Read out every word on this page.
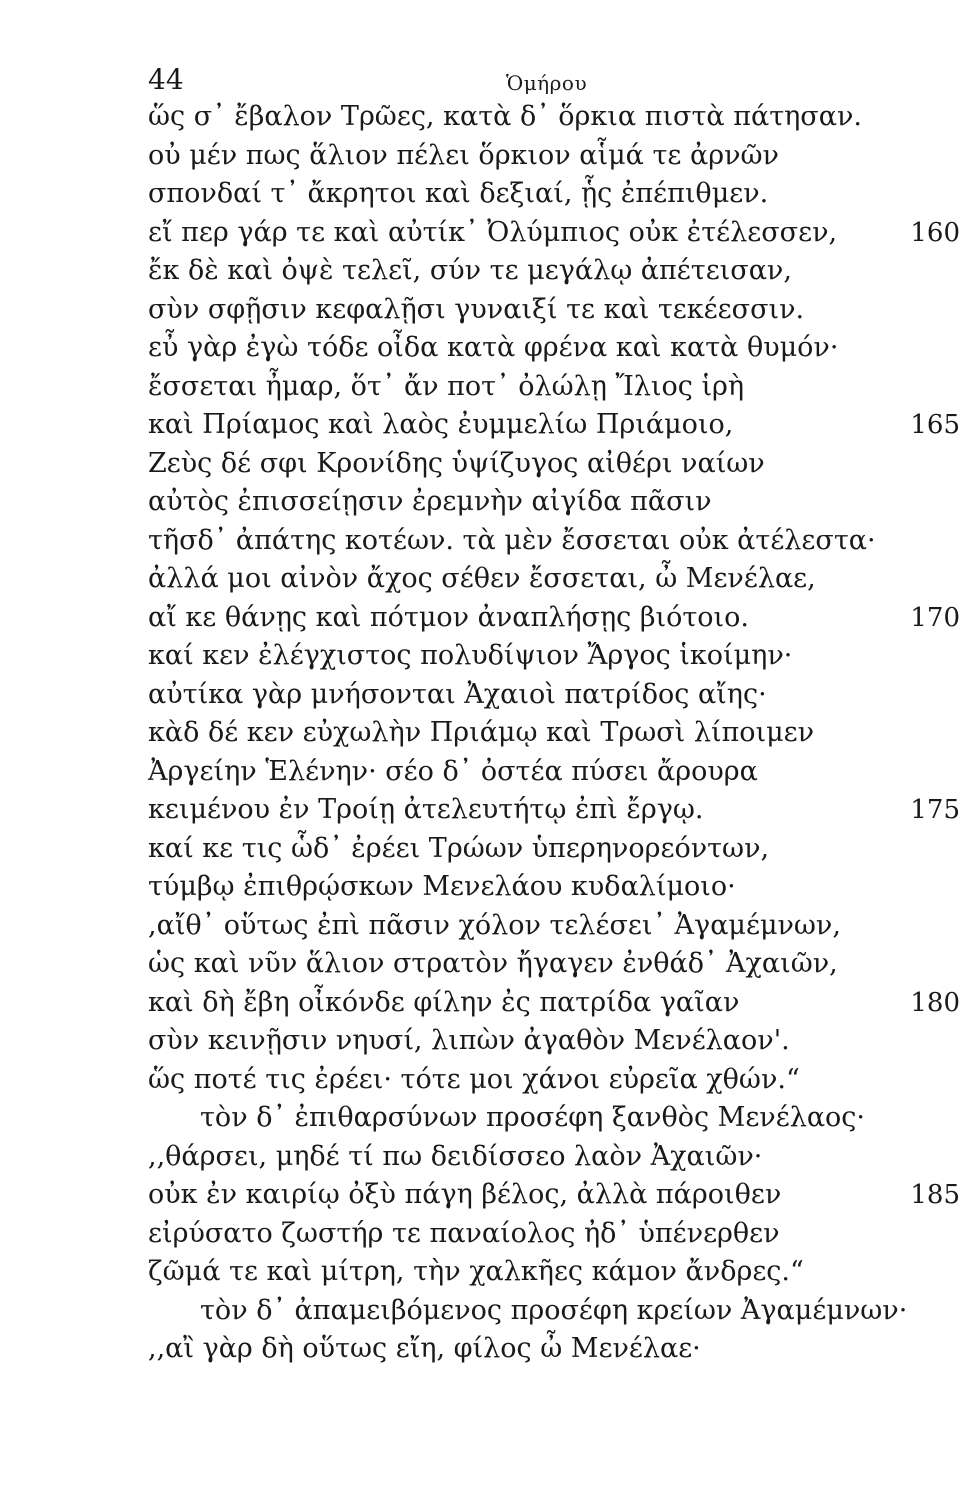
44	Ὁμήρου
ὥς σ᾽ ἔβαλον Τρῶες, κατὰ δ᾽ ὅρκια πιστὰ πάτησαν.
οὐ μέν πως ἅλιον πέλει ὅρκιον αἷμά τε ἀρνῶν
σπονδαί τ᾽ ἄκρητοι καὶ δεξιαί, ᾗς ἐπέπιθμεν.
εἴ περ γάρ τε καὶ αὐτίκ᾽ Ὀλύμπιος οὐκ ἐτέλεσσεν,	160
ἔκ δὲ καὶ ὀψὲ τελεῖ, σύν τε μεγάλῳ ἀπέτεισαν,
σὺν σφῇσιν κεφαλῇσι γυναιξί τε καὶ τεκέεσσιν.
εὖ γὰρ ἐγὼ τόδε οἶδα κατὰ φρένα καὶ κατὰ θυμόν·
ἔσσεται ἦμαρ, ὅτ᾽ ἄν ποτ᾽ ὀλώλῃ Ἴλιος ἱρὴ
καὶ Πρίαμος καὶ λαὸς ἐυμμελίω Πριάμοιο,	165
Ζεὺς δέ σφι Κρονίδης ὑψίζυγος αἰθέρι ναίων
αὐτὸς ἐπισσείῃσιν ἐρεμνὴν αἰγίδα πᾶσιν
τῆσδ᾽ ἀπάτης κοτέων. τὰ μὲν ἔσσεται οὐκ ἀτέλεστα·
ἀλλά μοι αἰνὸν ἄχος σέθεν ἔσσεται, ὦ Μενέλαε,
αἴ κε θάνῃς καὶ πότμον ἀναπλήσῃς βιότοιο.	170
καί κεν ἐλέγχιστος πολυδίψιον Ἄργος ἱκοίμην·
αὐτίκα γὰρ μνήσονται Ἀχαιοὶ πατρίδος αἴης·
κὰδ δέ κεν εὐχωλὴν Πριάμῳ καὶ Τρωσὶ λίποιμεν
Ἀργείην Ἑλένην· σέο δ᾽ ὀστέα πύσει ἄρουρα
κειμένου ἐν Τροίῃ ἀτελευτήτῳ ἐπὶ ἔργῳ.	175
καί κε τις ὧδ᾽ ἐρέει Τρώων ὑπερηνορεόντων,
τύμβῳ ἐπιθρῴσκων Μενελάου κυδαλίμοιο·
,αἴθ᾽ οὕτως ἐπὶ πᾶσιν χόλον τελέσει᾽ Ἀγαμέμνων,
ὡς καὶ νῦν ἅλιον στρατὸν ἤγαγεν ἐνθάδ᾽ Ἀχαιῶν,
καὶ δὴ ἔβη οἶκόνδε φίλην ἐς πατρίδα γαῖαν	180
σὺν κεινῇσιν νηυσί, λιπὼν ἀγαθὸν Μενέλαον'.
ὥς ποτέ τις ἐρέει· τότε μοι χάνοι εὐρεῖα χθών.“
τὸν δ᾽ ἐπιθαρσύνων προσέφη ξανθὸς Μενέλαος·
,,θάρσει, μηδέ τί πω δειδίσσεο λαὸν Ἀχαιῶν·
οὐκ ἐν καιρίῳ ὀξὺ πάγη βέλος, ἀλλὰ πάροιθεν	185
εἰρύσατο ζωστήρ τε παναίολος ἠδ᾽ ὑπένερθεν
ζῶμά τε καὶ μίτρη, τὴν χαλκῆες κάμον ἄνδρες.“
τὸν δ᾽ ἀπαμειβόμενος προσέφη κρείων Ἀγαμέμνων·
,,αἲ γὰρ δὴ οὕτως εἴη, φίλος ὦ Μενέλαε·
